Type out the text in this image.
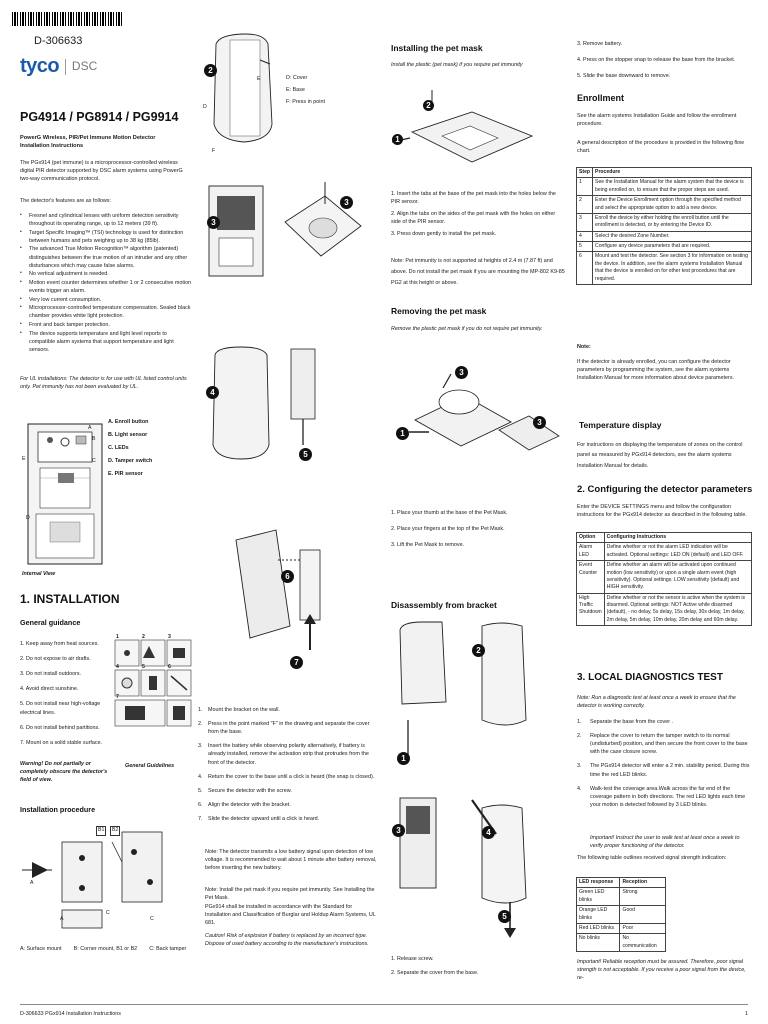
D-306633
tyco DSC
PG4914 / PG8914 / PG9914
PowerG Wireless, PIR/Pet Immune Motion Detector Installation Instructions
The PGx914 (pet immune) is a microprocessor-controlled wireless digital PIR detector supported by DSC alarm systems using PowerG two-way communication protocol.
The detector's features are as follows:
• Fresnel and cylindrical lenses with uniform detection sensitivity throughout its operating range, up to 12 meters (39 ft).
• Target Specific Imaging™ (TSI) technology is used for distinction between humans and pets weighing up to 38 kg (85lb).
• The advanced True Motion Recognition™ algorithm (patented) distinguishes between the true motion of an intruder and any other disturbances which may cause false alarms.
• No vertical adjustment is needed.
• Motion event counter determines whether 1 or 2 consecutive motion events trigger an alarm.
• Very low current consumption.
• Microprocessor-controlled temperature compensation. Sealed black chamber provides white light protection.
• Front and back tamper protection.
• The device supports temperature and light level reports to compatible alarm systems that support temperature and light sensors.
For UL installations: The detector is for use with UL listed control units only. Pet immunity has not been evaluated by UL.
A
B
C
E
D
A. Enroll button
B. Light sensor
C. LEDs
D. Tamper switch
E. PIR sensor
Internal View
1. INSTALLATION
General guidance
1. Keep away from heat sources.
2. Do not expose to air drafts.
3. Do not install outdoors.
4. Avoid direct sunshine.
5. Do not install near high-voltage electrical lines.
6. Do not install behind partitions.
7. Mount on a solid stable surface.
Warning! Do not partially or completely obscure the detector's field of view.
1	2	3
4	5	6
7
General Guidelines
Installation procedure
B1	B2
A
C
A	C
A: Surface mount B: Corner mount, B1 or B2 C: Back tamper
2
E
D
F
D: Cover
E: Base
F: Press in point
3
3
4
5
6
7
1.	Mount the bracket on the wall.
2.	Press in the point marked "F" in the drawing and separate the cover from the base.
3.	Insert the battery while observing polarity alternatively, if battery is already installed, remove the activation strip that protrudes from the front of the detector.
4.	Return the cover to the base until a click is heard (the snap is closed).
5.	Secure the detector with the screw.
6.	Align the detector with the bracket.
7.	Slide the detector upward until a click is heard.
Note: The detector transmits a low battery signal upon detection of low voltage. It is recommended to wait about 1 minute after battery removal, before inserting the new battery.
Note: Install the pet mask if you require pet immunity. See Installing the Pet Mask.
PGx914 shall be installed in accordance with the Standard for Installation and Classification of Burglar and Holdup Alarm Systems, UL 681.
Caution! Risk of explosion if battery is replaced by an incorrect type. Dispose of used battery according to the manufacturer's instructions.
Installing the pet mask
Install the plastic (pet mask) if you require pet immunity
1
2
1. Insert the tabs at the base of the pet mask into the holes below the PIR sensor.
2. Align the tabs on the sides of the pet mask with the holes on either side of the PIR sensor.
3. Press down gently to install the pet mask.
Note: Pet immunity is not supported at heights of 2.4 m (7.87 ft) and above. Do not install the pet mask if you are mounting the MP-802 K9-85 PG2 at this height or above.
Removing the pet mask
Remove the plastic pet mask if you do not require pet immunity.
1
3
3
1. Place your thumb at the base of the Pet Mask.
2. Place your fingers at the top of the Pet Mask.
3. Lift the Pet Mask to remove.
Disassembly from bracket
1
2
3	4
5
1. Release screw.
2. Separate the cover from the base.
3. Remove battery.
4. Press on the stopper snap to release the base from the bracket.
5. Slide the base downward to remove.
Enrollment
See the alarm systems Installation Guide and follow the enrollment procedure.
A general description of the procedure is provided in the following flow chart.
Step	Procedure
1	See the Installation Manual for the alarm system that the device is being enrolled on, to ensure that the proper steps are used.
2	Enter the Device Enrollment option through the specified method and select the appropriate option to add a new device.
3	Enroll the device by either holding the enroll button until the enrollment is detected, or by entering the Device ID.
4	Select the desired Zone Number.
5	Configure any device parameters that are required.
6	Mount and test the detector. See section 3 for information on testing the device. In addition, see the alarm systems Installation Manual that the device is enrolled on for other test procedures that are required.
Note:
If the detector is already enrolled, you can configure the detector parameters by programming the system, see the alarm systems Installation Manual for more information about device parameters.
Temperature display
For instructions on displaying the temperature of zones on the control panel as measured by PGx914 detectors, see the alarm systems Installation Manual for details.
2. Configuring the detector parameters
Enter the DEVICE SETTINGS menu and follow the configuration instructions for the PGx914 detector as described in the following table.
Option	Configuring Instructions
Alarm LED	Define whether or not the alarm LED indication will be activated. Optional settings: LED ON (default) and LED OFF.
Event Counter	Define whether an alarm will be activated upon continued motion (low sensitivity) or upon a single alarm event (high sensitivity). Optional settings: LOW sensitivity (default) and HIGH sensitivity.
High Traffic Shutdown	Define whether or not the sensor is active when the system is disarmed. Optional settings: NOT Active while disarmed (default), - no delay, 5s delay, 15s delay, 30s delay, 1m delay, 2m delay, 5m delay, 10m delay, 20m delay and 60m delay.
3. LOCAL DIAGNOSTICS TEST
Note: Run a diagnostic test at least once a week to ensure that the detector is working correctly.
1.	Separate the base from the cover .
2.	Replace the cover to return the tamper switch to its normal (undisturbed) position, and then secure the front cover to the base with the case closure screw.
3.	The PGx914 detector will enter a 2 min. stability period. During this time the red LED blinks.
4.	Walk-test the coverage area.Walk across the far end of the coverage pattern in both directions. The red LED lights each time your motion is detected followed by 3 LED blinks.
Important! Instruct the user to walk test at least once a week to verify proper functioning of the detector.
The following table outlines received signal strength indication:
LED response	Reception
Green LED blinks	Strong
Orange LED blinks	Good
Red LED blinks	Poor
No blinks	No communication
Important! Reliable reception must be assured. Therefore, poor signal strength is not acceptable. If you receive a poor signal from the device, re-
D-306633 PGx914 Installation Instructions	1
